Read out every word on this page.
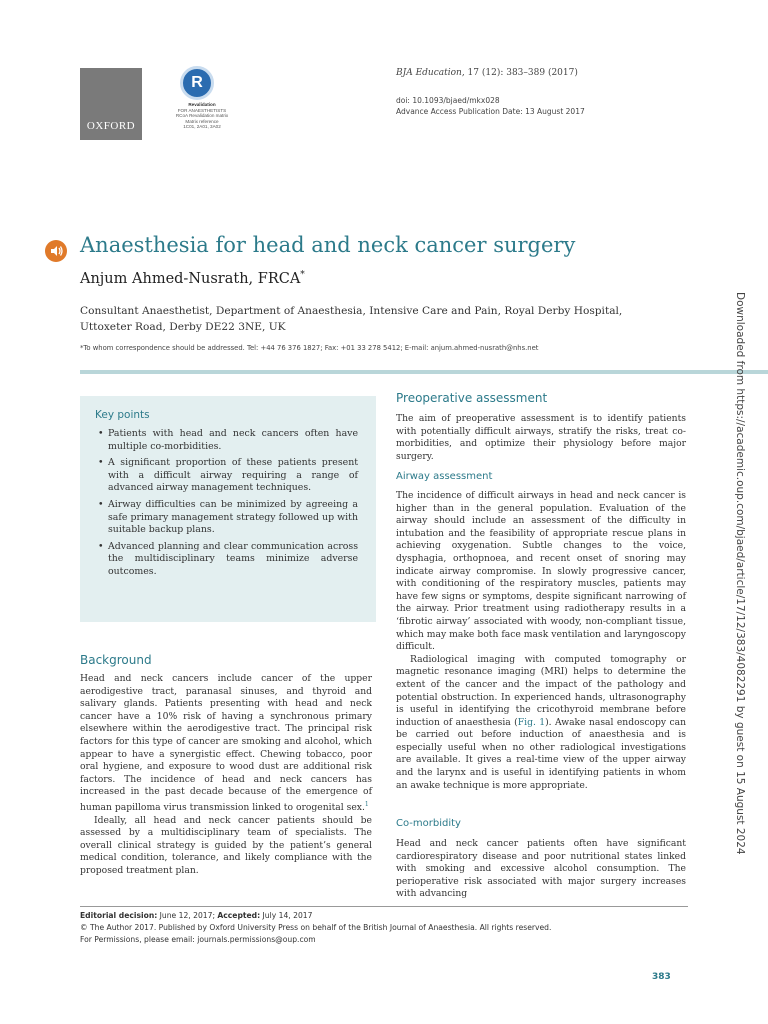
OXFORD
R
Revalidation
FOR ANAESTHETISTS
RCoA Revalidation matrix
Matrix reference
1C01, 2A01, 3A02
BJA Education, 17 (12): 383–389 (2017)
doi: 10.1093/bjaed/mkx028
Advance Access Publication Date: 13 August 2017
Anaesthesia for head and neck cancer surgery
Anjum Ahmed-Nusrath, FRCA*
Consultant Anaesthetist, Department of Anaesthesia, Intensive Care and Pain, Royal Derby Hospital, Uttoxeter Road, Derby DE22 3NE, UK
*To whom correspondence should be addressed. Tel: +44 76 376 1827; Fax: +01 33 278 5412; E-mail: anjum.ahmed-nusrath@nhs.net
Key points
• Patients with head and neck cancers often have multiple co-morbidities.
• A significant proportion of these patients present with a difficult airway requiring a range of advanced airway management techniques.
• Airway difficulties can be minimized by agreeing a safe primary management strategy followed up with suitable backup plans.
• Advanced planning and clear communication across the multidisciplinary teams minimize adverse outcomes.
Background

Head and neck cancers include cancer of the upper aerodigestive tract, paranasal sinuses, and thyroid and salivary glands. Patients presenting with head and neck cancer have a 10% risk of having a synchronous primary elsewhere within the aerodigestive tract. The principal risk factors for this type of cancer are smoking and alcohol, which appear to have a synergistic effect. Chewing tobacco, poor oral hygiene, and exposure to wood dust are additional risk factors. The incidence of head and neck cancers has increased in the past decade because of the emergence of human papilloma virus transmission linked to orogenital sex.$^1$

Ideally, all head and neck cancer patients should be assessed by a multidisciplinary team of specialists. The overall clinical strategy is guided by the patient’s general medical condition, tolerance, and likely compliance with the proposed treatment plan.

Preoperative assessment

The aim of preoperative assessment is to identify patients with potentially difficult airways, stratify the risks, treat co-morbidities, and optimize their physiology before major surgery.

Airway assessment

The incidence of difficult airways in head and neck cancer is higher than in the general population. Evaluation of the airway should include an assessment of the difficulty in intubation and the feasibility of appropriate rescue plans in achieving oxygenation. Subtle changes to the voice, dysphagia, orthopnoea, and recent onset of snoring may indicate airway compromise. In slowly progressive cancer, with conditioning of the respiratory muscles, patients may have few signs or symptoms, despite significant narrowing of the airway. Prior treatment using radiotherapy results in a ‘fibrotic airway’ associated with woody, non-compliant tissue, which may make both face mask ventilation and laryngoscopy difficult.

Radiological imaging with computed tomography or magnetic resonance imaging (MRI) helps to determine the extent of the cancer and the impact of the pathology and potential obstruction. In experienced hands, ultrasonography is useful in identifying the cricothyroid membrane before induction of anaesthesia (Fig. 1). Awake nasal endoscopy can be carried out before induction of anaesthesia and is especially useful when no other radiological investigations are available. It gives a real-time view of the upper airway and the larynx and is useful in identifying patients in whom an awake technique is more appropriate.

Co-morbidity

Head and neck cancer patients often have significant cardiorespiratory disease and poor nutritional states linked with smoking and excessive alcohol consumption. The perioperative risk associated with major surgery increases with advancing

Editorial decision: June 12, 2017; Accepted: July 14, 2017
© The Author 2017. Published by Oxford University Press on behalf of the British Journal of Anaesthesia. All rights reserved.
For Permissions, please email: journals.permissions@oup.com
383
Downloaded from https://academic.oup.com/bjaed/article/17/12/383/4082291 by guest on 15 August 2024
